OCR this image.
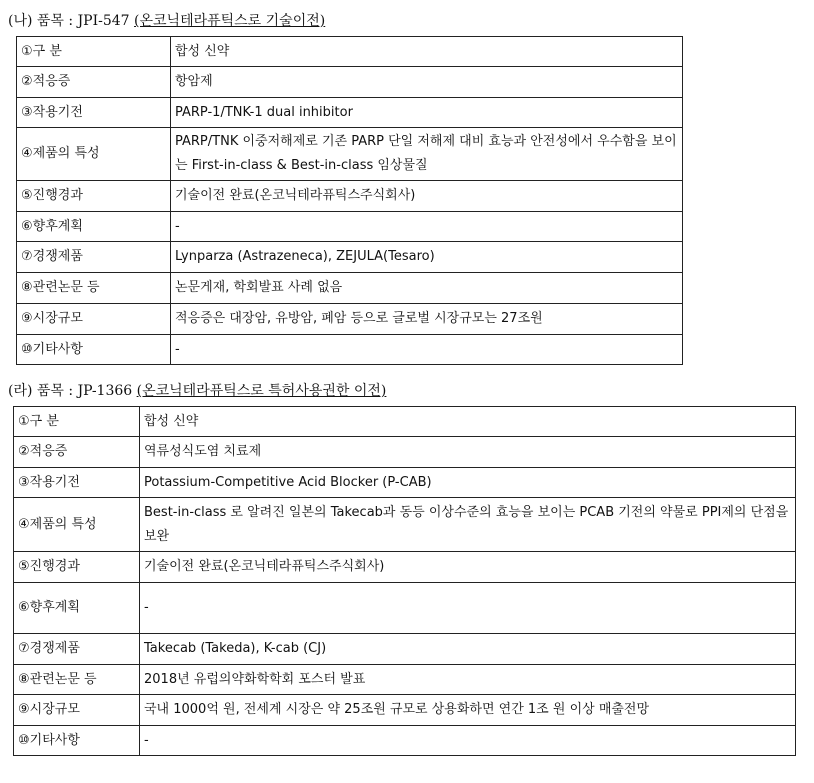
(나) 품목 : JPI-547 (온코닉테라퓨틱스로 기술이전)
①구 분	합성 신약
②적응증	항암제
③작용기전	PARP-1/TNK-1 dual inhibitor
④제품의 특성	PARP/TNK 이중저해제로 기존 PARP 단일 저해제 대비 효능과 안전성에서 우수함을 보이는 First-in-class & Best-in-class 임상물질
⑤진행경과	기술이전 완료(온코닉테라퓨틱스주식회사)
⑥향후계획	-
⑦경쟁제품	Lynparza (Astrazeneca), ZEJULA(Tesaro)
⑧관련논문 등	논문게재, 학회발표 사례 없음
⑨시장규모	적응증은 대장암, 유방암, 폐암 등으로 글로벌 시장규모는 27조원
⑩기타사항	-
(라) 품목 : JP-1366 (온코닉테라퓨틱스로 특허사용권한 이전)
①구 분	합성 신약
②적응증	역류성식도염 치료제
③작용기전	Potassium-Competitive Acid Blocker (P-CAB)
④제품의 특성	Best-in-class 로 알려진 일본의 Takecab과 동등 이상수준의 효능을 보이는 PCAB 기전의 약물로 PPI제의 단점을 보완
⑤진행경과	기술이전 완료(온코닉테라퓨틱스주식회사)
⑥향후계획	-
⑦경쟁제품	Takecab (Takeda), K-cab (CJ)
⑧관련논문 등	2018년 유럽의약화학학회 포스터 발표
⑨시장규모	국내 1000억 원, 전세계 시장은 약 25조원 규모로 상용화하면 연간 1조 원 이상 매출전망
⑩기타사항	-
